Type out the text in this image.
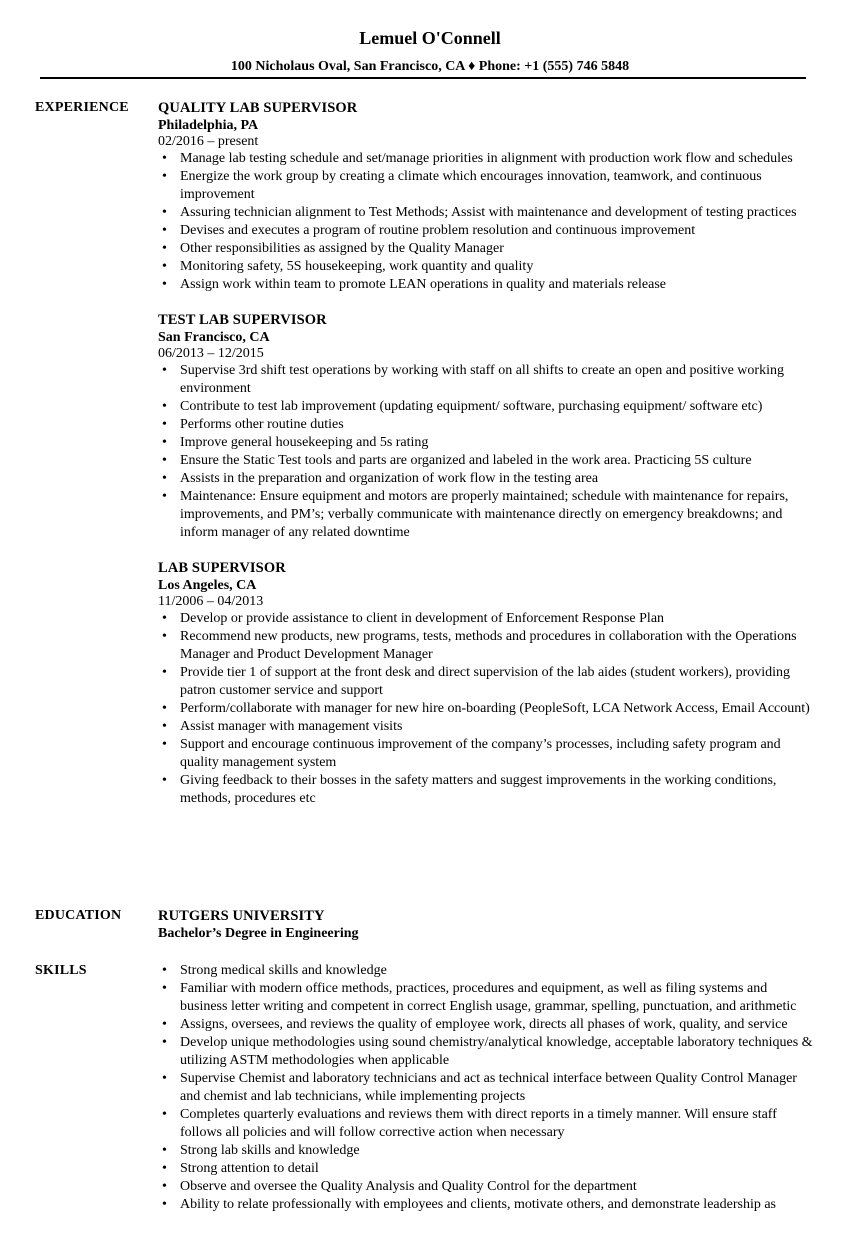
Lemuel O'Connell
100 Nicholaus Oval, San Francisco, CA ♦ Phone: +1 (555) 746 5848
EXPERIENCE	QUALITY LAB SUPERVISOR
Philadelphia, PA
02/2016 – present
• Manage lab testing schedule and set/manage priorities in alignment with production work flow and schedules
• Energize the work group by creating a climate which encourages innovation, teamwork, and continuous improvement
• Assuring technician alignment to Test Methods; Assist with maintenance and development of testing practices
• Devises and executes a program of routine problem resolution and continuous improvement
• Other responsibilities as assigned by the Quality Manager
• Monitoring safety, 5S housekeeping, work quantity and quality
• Assign work within team to promote LEAN operations in quality and materials release
TEST LAB SUPERVISOR
San Francisco, CA
06/2013 – 12/2015
• Supervise 3rd shift test operations by working with staff on all shifts to create an open and positive working environment
• Contribute to test lab improvement (updating equipment/ software, purchasing equipment/ software etc)
• Performs other routine duties
• Improve general housekeeping and 5s rating
• Ensure the Static Test tools and parts are organized and labeled in the work area. Practicing 5S culture
• Assists in the preparation and organization of work flow in the testing area
• Maintenance: Ensure equipment and motors are properly maintained; schedule with maintenance for repairs, improvements, and PM’s; verbally communicate with maintenance directly on emergency breakdowns; and inform manager of any related downtime
LAB SUPERVISOR
Los Angeles, CA
11/2006 – 04/2013
• Develop or provide assistance to client in development of Enforcement Response Plan
• Recommend new products, new programs, tests, methods and procedures in collaboration with the Operations Manager and Product Development Manager
• Provide tier 1 of support at the front desk and direct supervision of the lab aides (student workers), providing patron customer service and support
• Perform/collaborate with manager for new hire on-boarding (PeopleSoft, LCA Network Access, Email Account)
• Assist manager with management visits
• Support and encourage continuous improvement of the company’s processes, including safety program and quality management system
• Giving feedback to their bosses in the safety matters and suggest improvements in the working conditions, methods, procedures etc
EDUCATION	RUTGERS UNIVERSITY
Bachelor’s Degree in Engineering
SKILLS	• Strong medical skills and knowledge
• Familiar with modern office methods, practices, procedures and equipment, as well as filing systems and business letter writing and competent in correct English usage, grammar, spelling, punctuation, and arithmetic
• Assigns, oversees, and reviews the quality of employee work, directs all phases of work, quality, and service
• Develop unique methodologies using sound chemistry/analytical knowledge, acceptable laboratory techniques & utilizing ASTM methodologies when applicable
• Supervise Chemist and laboratory technicians and act as technical interface between Quality Control Manager and chemist and lab technicians, while implementing projects
• Completes quarterly evaluations and reviews them with direct reports in a timely manner. Will ensure staff follows all policies and will follow corrective action when necessary
• Strong lab skills and knowledge
• Strong attention to detail
• Observe and oversee the Quality Analysis and Quality Control for the department
• Ability to relate professionally with employees and clients, motivate others, and demonstrate leadership as
